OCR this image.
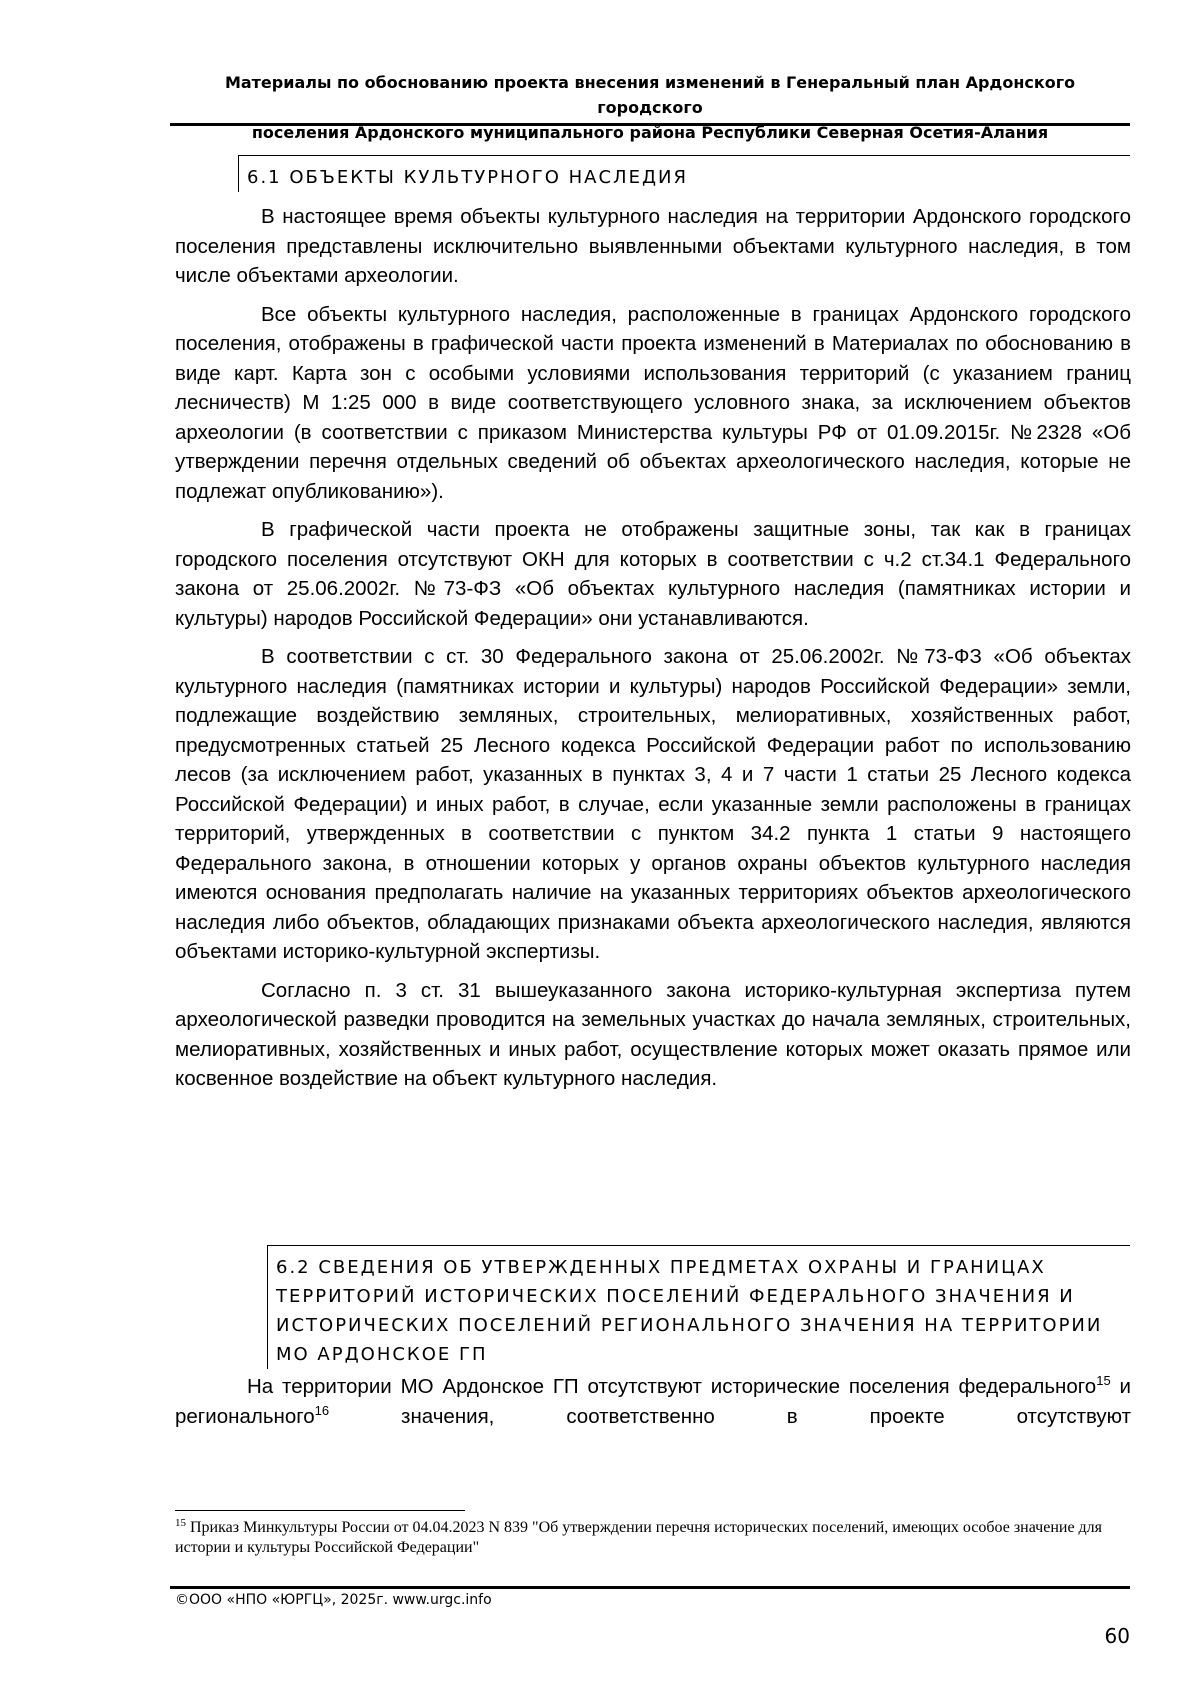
Материалы по обоснованию проекта внесения изменений в Генеральный план Ардонского городского
поселения Ардонского муниципального района Республики Северная Осетия-Алания
6.1 ОБЪЕКТЫ КУЛЬТУРНОГО НАСЛЕДИЯ

В настоящее время объекты культурного наследия на территории Ардонского городского поселения представлены исключительно выявленными объектами культурного наследия, в том числе объектами археологии.

Все объекты культурного наследия, расположенные в границах Ардонского городского поселения, отображены в графической части проекта изменений в Материалах по обоснованию в виде карт. Карта зон с особыми условиями использования территорий (с указанием границ лесничеств) М 1:25 000 в виде соответствующего условного знака, за исключением объектов археологии (в соответствии с приказом Министерства культуры РФ от 01.09.2015г. №2328 «Об утверждении перечня отдельных сведений об объектах археологического наследия, которые не подлежат опубликованию»).

В графической части проекта не отображены защитные зоны, так как в границах городского поселения отсутствуют ОКН для которых в соответствии с ч.2 ст.34.1 Федерального закона от 25.06.2002г. №73-ФЗ «Об объектах культурного наследия (памятниках истории и культуры) народов Российской Федерации» они устанавливаются.

В соответствии с ст. 30 Федерального закона от 25.06.2002г. №73-ФЗ «Об объектах культурного наследия (памятниках истории и культуры) народов Российской Федерации» земли, подлежащие воздействию земляных, строительных, мелиоративных, хозяйственных работ, предусмотренных статьей 25 Лесного кодекса Российской Федерации работ по использованию лесов (за исключением работ, указанных в пунктах 3, 4 и 7 части 1 статьи 25 Лесного кодекса Российской Федерации) и иных работ, в случае, если указанные земли расположены в границах территорий, утвержденных в соответствии с пунктом 34.2 пункта 1 статьи 9 настоящего Федерального закона, в отношении которых у органов охраны объектов культурного наследия имеются основания предполагать наличие на указанных территориях объектов археологического наследия либо объектов, обладающих признаками объекта археологического наследия, являются объектами историко-культурной экспертизы.

Согласно п. 3 ст. 31 вышеуказанного закона историко-культурная экспертиза путем археологической разведки проводится на земельных участках до начала земляных, строительных, мелиоративных, хозяйственных и иных работ, осуществление которых может оказать прямое или косвенное воздействие на объект культурного наследия.

6.2 СВЕДЕНИЯ ОБ УТВЕРЖДЕННЫХ ПРЕДМЕТАХ ОХРАНЫ И ГРАНИЦАХ
ТЕРРИТОРИЙ ИСТОРИЧЕСКИХ ПОСЕЛЕНИЙ ФЕДЕРАЛЬНОГО ЗНАЧЕНИЯ И
ИСТОРИЧЕСКИХ ПОСЕЛЕНИЙ РЕГИОНАЛЬНОГО ЗНАЧЕНИЯ НА ТЕРРИТОРИИ
МО АРДОНСКОЕ ГП

На территории МО Ардонское ГП отсутствуют исторические поселения федерального$^{15}$ и регионального$^{16}$ значения, соответственно в проекте отсутствуют

$^{15}$ Приказ Минкультуры России от 04.04.2023 N 839 "Об утверждении перечня исторических поселений, имеющих особое значение для истории и культуры Российской Федерации"
©ООО «НПО «ЮРГЦ», 2025г. www.urgc.info
60
